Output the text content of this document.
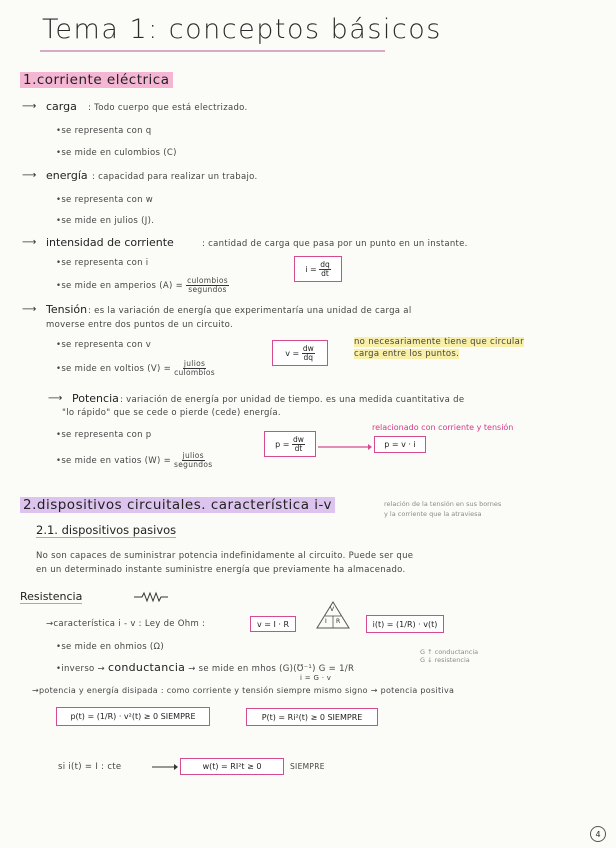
Tema 1: conceptos básicos
1.corriente eléctrica
⟶ carga : Todo cuerpo que está electrizado.
•se representa con q
•se mide en culombios (C)
⟶ energía : capacidad para realizar un trabajo.
•se representa con w
•se mide en julios (J).
⟶ intensidad de corriente	: cantidad de carga que pasa por un punto en un instante.
•se representa con i
•se mide en amperios $(A) = \frac{\text{culombios}}{\text{segundos}}$
i =
$\frac{dq}{dt}$
⟶ Tensión : es la variación de energía que experimentaría una unidad de carga al
moverse entre dos puntos de un circuito.
•se representa con v
•se mide en voltios $(V) = \frac{\text{julios}}{\text{culombios}}$
v =
$\frac{dw}{dq}$
no necesariamente tiene que circular
carga entre los puntos.
⟶ Potencia : variación de energía por unidad de tiempo. es una medida cuantitativa de
"lo rápido" que se cede o pierde (cede) energía.
•se representa con p
•se mide en vatios $(W) = \frac{\text{julios}}{\text{segundos}}$
p =
$\frac{dw}{dt}$
relacionado con corriente y tensión
p = v · i
2.dispositivos circuitales. característica i-v	relación de la tensión en sus bornes
y la corriente que la atraviesa
2.1. dispositivos pasivos
No son capaces de suministrar potencia indefinidamente al circuito. Puede ser que
en un determinado instante suministre energía que previamente ha almacenado.
Resistencia
→característica i - v : Ley de Ohm :	v = I · R
V
I R	i(t) = (1/R) · v(t)
•se mide en ohmios (Ω)
•inverso → conductancia → se mide en mhos (G)(Ʊ⁻¹) G = 1/R
i = G · v
G ↑ conductancia
G ↓ resistencia
→potencia y energía disipada : como corriente y tensión siempre mismo signo → potencia positiva
p(t) = (1/R) · v²(t) ≥ 0 SIEMPRE	P(t) = Ri²(t) ≥ 0 SIEMPRE
si i(t) = I : cte	w(t) = RI²t ≥ 0	SIEMPRE
4
